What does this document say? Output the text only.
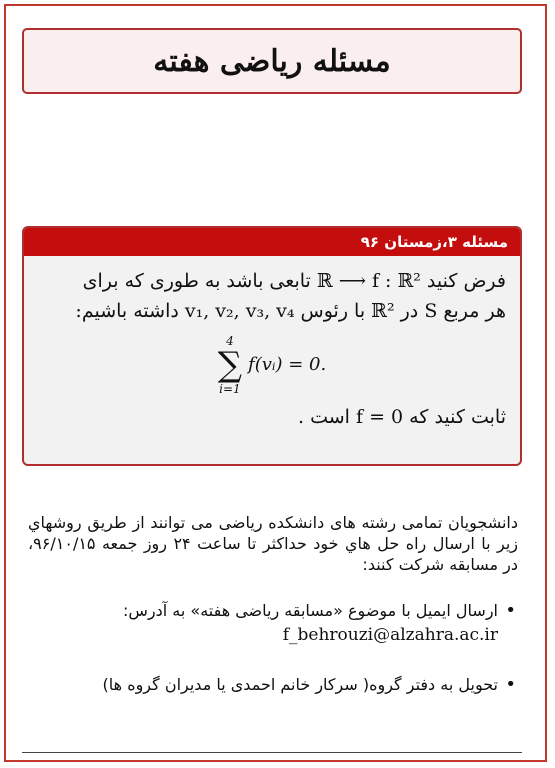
مسئله ریاضی هفته
مسئله ۳،زمستان ۹۶

فرض کنید ℝ ⟶ f : ℝ² تابعی باشد به طوری که برای

هر مربع S در ℝ² با رئوس v₁, v₂, v₃, v₄ داشته باشیم:

4
∑
i=1
f(vᵢ) = 0.

ثابت کنید که f = 0 است .

دانشجویان تمامی رشته های دانشکده ریاضی می توانند از طریق روشهاي زیر با ارسال راه حل هاي خود حداکثر تا ساعت ۲۴ روز جمعه ۹۶/۱۰/۱۵، در مسابقه شرکت کنند:

• ارسال ایمیل با موضوع «مسابقه ریاضی هفته» به آدرس:
f_behrouzi@alzahra.ac.ir
• تحویل به دفتر گروه( سرکار خانم احمدی یا مدیران گروه ها)
